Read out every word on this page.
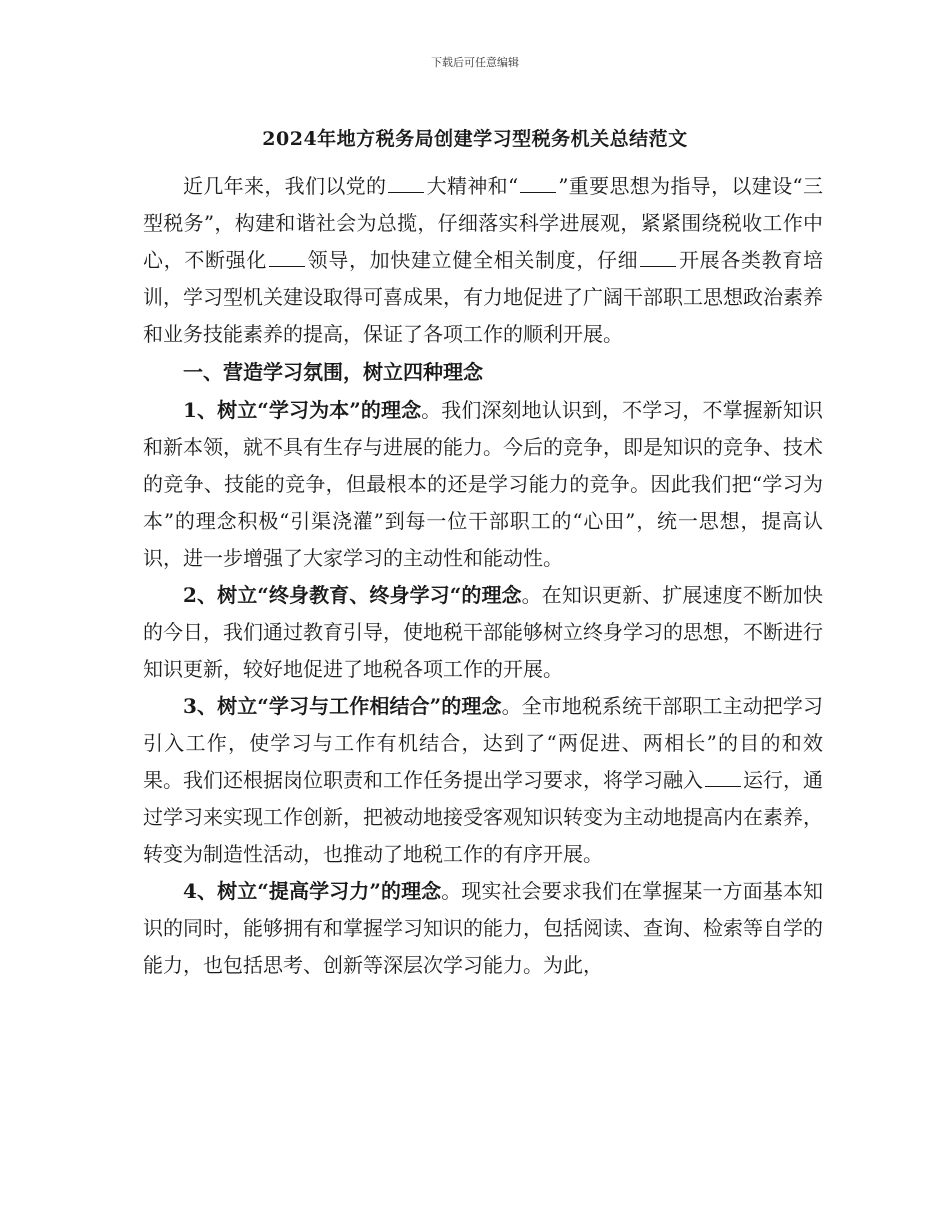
下载后可任意编辑
2024年地方税务局创建学习型税务机关总结范文

近几年来，我们以党的 大精神和“ ”重要思想为指导，以建设“三型税务”，构建和谐社会为总揽，仔细落实科学进展观，紧紧围绕税收工作中心，不断强化 领导，加快建立健全相关制度，仔细 开展各类教育培训，学习型机关建设取得可喜成果，有力地促进了广阔干部职工思想政治素养和业务技能素养的提高，保证了各项工作的顺利开展。

一、营造学习氛围，树立四种理念

1、树立“学习为本”的理念。我们深刻地认识到，不学习，不掌握新知识和新本领，就不具有生存与进展的能力。今后的竞争，即是知识的竞争、技术的竞争、技能的竞争，但最根本的还是学习能力的竞争。因此我们把“学习为本”的理念积极“引渠浇灌”到每一位干部职工的“心田”，统一思想，提高认识，进一步增强了大家学习的主动性和能动性。

2、树立“终身教育、终身学习“的理念。在知识更新、扩展速度不断加快的今日，我们通过教育引导，使地税干部能够树立终身学习的思想，不断进行知识更新，较好地促进了地税各项工作的开展。

3、树立“学习与工作相结合”的理念。全市地税系统干部职工主动把学习引入工作，使学习与工作有机结合，达到了“两促进、两相长”的目的和效果。我们还根据岗位职责和工作任务提出学习要求，将学习融入 运行，通过学习来实现工作创新，把被动地接受客观知识转变为主动地提高内在素养，转变为制造性活动，也推动了地税工作的有序开展。

4、树立“提高学习力”的理念。现实社会要求我们在掌握某一方面基本知识的同时，能够拥有和掌握学习知识的能力，包括阅读、查询、检索等自学的能力，也包括思考、创新等深层次学习能力。为此，
